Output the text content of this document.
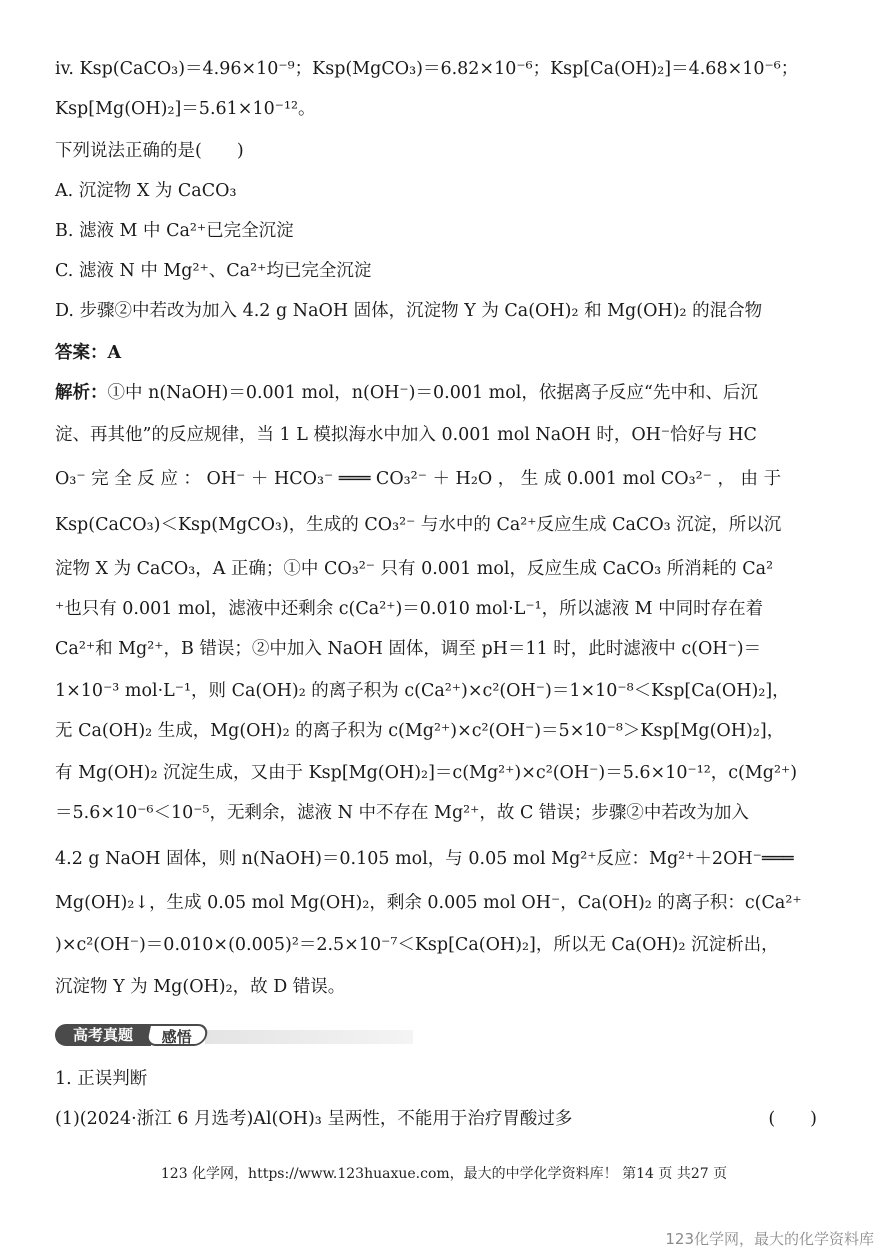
iv. Ksp(CaCO₃)＝4.96×10⁻⁹；Ksp(MgCO₃)＝6.82×10⁻⁶；Ksp[Ca(OH)₂]＝4.68×10⁻⁶；
Ksp[Mg(OH)₂]＝5.61×10⁻¹²。
下列说法正确的是(　　)
A. 沉淀物 X 为 CaCO₃
B. 滤液 M 中 Ca²⁺已完全沉淀
C. 滤液 N 中 Mg²⁺、Ca²⁺均已完全沉淀
D. 步骤②中若改为加入 4.2 g NaOH 固体，沉淀物 Y 为 Ca(OH)₂ 和 Mg(OH)₂ 的混合物
答案：A
解析：①中 n(NaOH)＝0.001 mol，n(OH⁻)＝0.001 mol，依据离子反应“先中和、后沉
淀、再其他”的反应规律，当 1 L 模拟海水中加入 0.001 mol NaOH 时，OH⁻恰好与 HC
O₃⁻ 完 全 反 应 ： OH⁻ ＋ HCO₃⁻ ═══ CO₃²⁻ ＋ H₂O ， 生 成 0.001 mol CO₃²⁻ ， 由 于
Ksp(CaCO₃)＜Ksp(MgCO₃)，生成的 CO₃²⁻ 与水中的 Ca²⁺反应生成 CaCO₃ 沉淀，所以沉
淀物 X 为 CaCO₃，A 正确；①中 CO₃²⁻ 只有 0.001 mol，反应生成 CaCO₃ 所消耗的 Ca²
⁺也只有 0.001 mol，滤液中还剩余 c(Ca²⁺)＝0.010 mol·L⁻¹，所以滤液 M 中同时存在着
Ca²⁺和 Mg²⁺，B 错误；②中加入 NaOH 固体，调至 pH＝11 时，此时滤液中 c(OH⁻)＝
1×10⁻³ mol·L⁻¹，则 Ca(OH)₂ 的离子积为 c(Ca²⁺)×c²(OH⁻)＝1×10⁻⁸＜Ksp[Ca(OH)₂]，
无 Ca(OH)₂ 生成，Mg(OH)₂ 的离子积为 c(Mg²⁺)×c²(OH⁻)＝5×10⁻⁸＞Ksp[Mg(OH)₂]，
有 Mg(OH)₂ 沉淀生成，又由于 Ksp[Mg(OH)₂]＝c(Mg²⁺)×c²(OH⁻)＝5.6×10⁻¹²，c(Mg²⁺)
＝5.6×10⁻⁶＜10⁻⁵，无剩余，滤液 N 中不存在 Mg²⁺，故 C 错误；步骤②中若改为加入
4.2 g NaOH 固体，则 n(NaOH)＝0.105 mol，与 0.05 mol Mg²⁺反应：Mg²⁺＋2OH⁻═══
Mg(OH)₂↓，生成 0.05 mol Mg(OH)₂，剩余 0.005 mol OH⁻，Ca(OH)₂ 的离子积：c(Ca²⁺
)×c²(OH⁻)＝0.010×(0.005)²＝2.5×10⁻⁷＜Ksp[Ca(OH)₂]，所以无 Ca(OH)₂ 沉淀析出，
沉淀物 Y 为 Mg(OH)₂，故 D 错误。
高考真题	感悟
1. 正误判断
(1)(2024·浙江 6 月选考)Al(OH)₃ 呈两性，不能用于治疗胃酸过多	(　　)
123 化学网，https://www.123huaxue.com，最大的中学化学资料库！ 第14 页 共27 页
123化学网，最大的化学资料库
